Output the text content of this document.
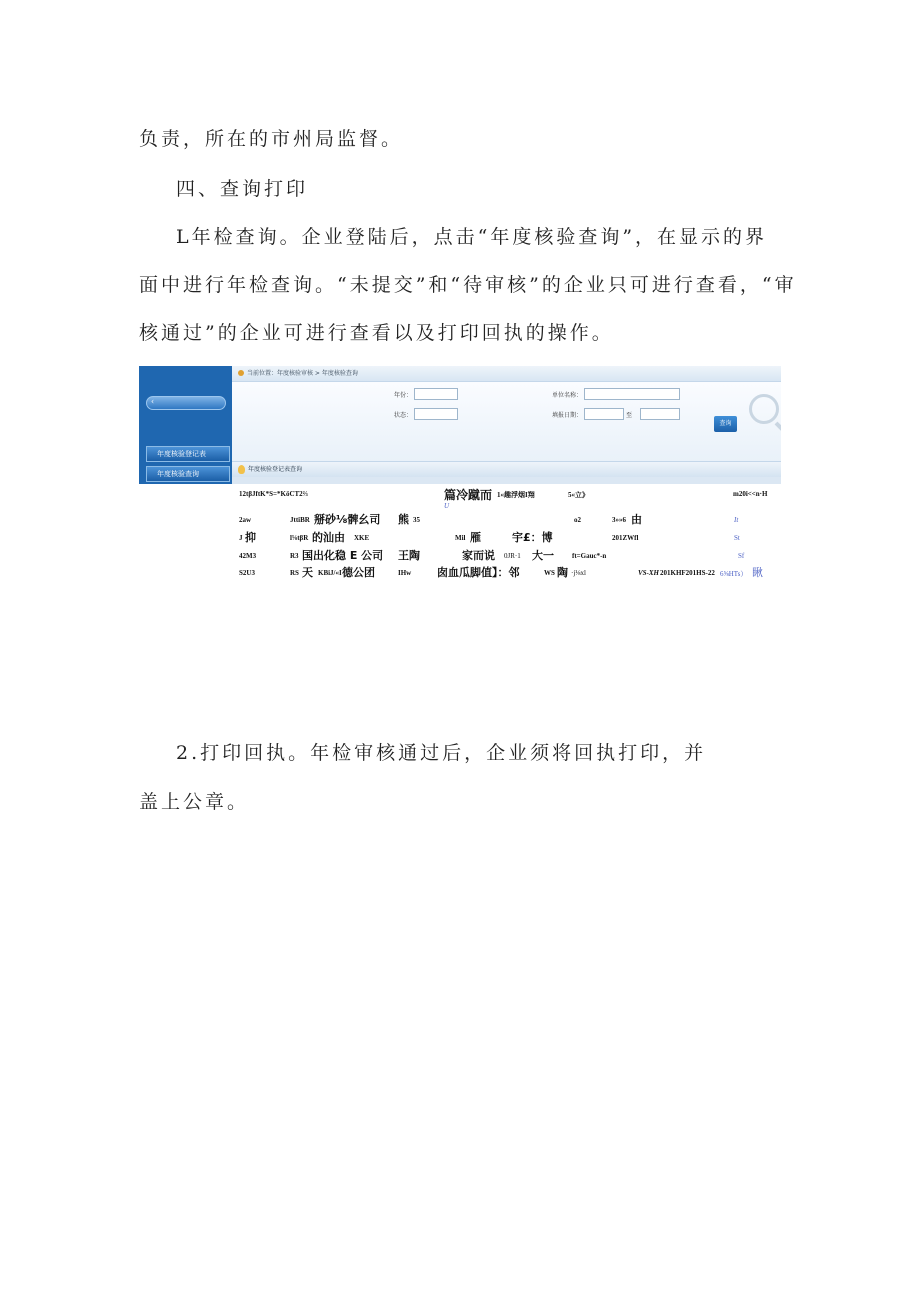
负责，所在的市州局监督。
四、查询打印
L年检查询。企业登陆后，点击“年度核验查询”，在显示的界
面中进行年检查询。“未提交”和“待审核”的企业只可进行查看，“审
核通过”的企业可进行查看以及打印回执的操作。
‹
年度核验登记表
年度核验查询
当前位置：年度核验审核 > 年度核验查询
年份：
状态：
单位名称：
填报日期：	至
查询
年度核验登记表查询
12tβJftK*S=*KöCT2⅔	篇冷蹴而 1«趣浮烟I翔	5«立》	m20i<<n·H
U
2aw	JttiBR 掰砂⅛髀幺司 熊 35	o2	3»»6 由	It
J 抑	l⅝tβR 的汕由 XKE	Mil 雁	宇£：博	201ZWfl	St
42M3	R3 国出化稳 E 公司 王陶	家而说 0JR·1 大一	ft=Gauc*-n	Sf
S2U3	RS 天 KBiJ/«I 德公团	IHw 囱血瓜脚值】：邻	WS 陶 ·j⅛xl	VS-XH 201KHF201HS-22 6⅝HTs） 瞅
2.打印回执。年检审核通过后，企业须将回执打印，并
盖上公章。
